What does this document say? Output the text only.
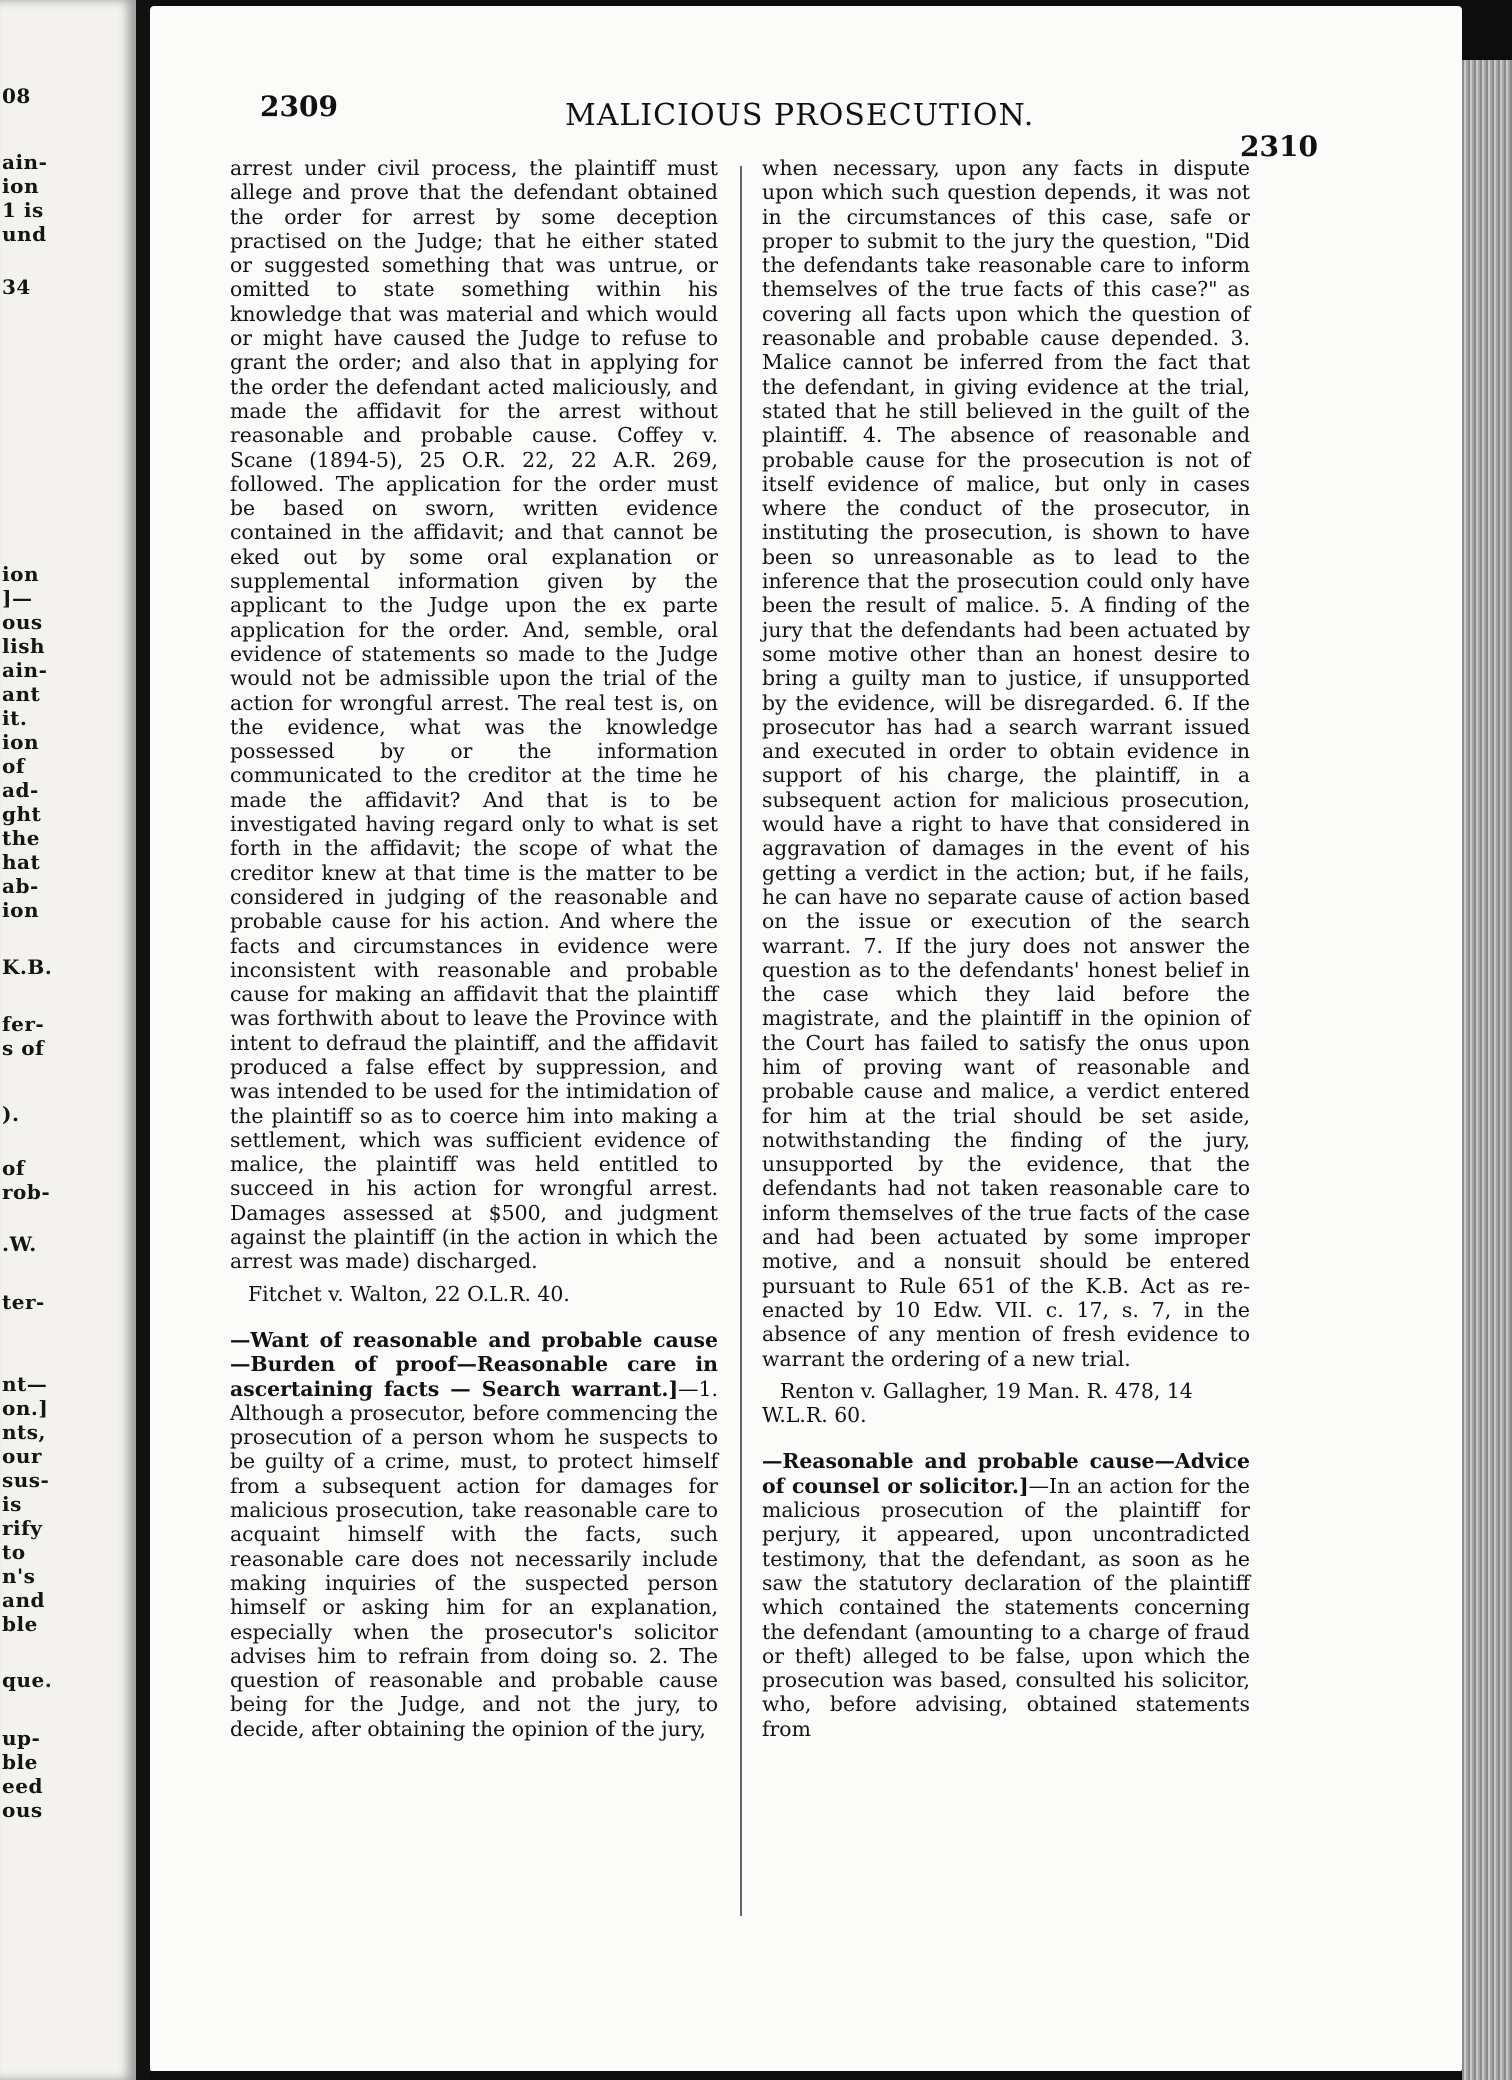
08
ain-
ion
1 is
und
34
ion
]—
ous
lish
ain-
ant
it.
ion
of
ad-
ght
the
hat
ab-
ion
K.B.
fer-
s of
).
of
rob-
.W.
ter-
nt—
on.]
nts,
our
sus-
is
rify
to
n's
and
ble
que.
up-
ble
eed
ous
2309	MALICIOUS PROSECUTION.
2310

arrest under civil process, the plaintiff must allege and prove that the defendant obtained the order for arrest by some deception practised on the Judge; that he either stated or suggested something that was untrue, or omitted to state something within his knowledge that was material and which would or might have caused the Judge to refuse to grant the order; and also that in applying for the order the defendant acted maliciously, and made the affidavit for the arrest without reasonable and probable cause. Coffey v. Scane (1894-5), 25 O.R. 22, 22 A.R. 269, followed. The application for the order must be based on sworn, written evidence contained in the affidavit; and that cannot be eked out by some oral explanation or supplemental information given by the applicant to the Judge upon the ex parte application for the order. And, semble, oral evidence of statements so made to the Judge would not be admissible upon the trial of the action for wrongful arrest. The real test is, on the evidence, what was the knowledge possessed by or the information communicated to the creditor at the time he made the affidavit? And that is to be investigated having regard only to what is set forth in the affidavit; the scope of what the creditor knew at that time is the matter to be considered in judging of the reasonable and probable cause for his action. And where the facts and circumstances in evidence were inconsistent with reasonable and probable cause for making an affidavit that the plaintiff was forthwith about to leave the Province with intent to defraud the plaintiff, and the affidavit produced a false effect by suppression, and was intended to be used for the intimidation of the plaintiff so as to coerce him into making a settlement, which was sufficient evidence of malice, the plaintiff was held entitled to succeed in his action for wrongful arrest. Damages assessed at $500, and judgment against the plaintiff (in the action in which the arrest was made) discharged.

Fitchet v. Walton, 22 O.L.R. 40.

—Want of reasonable and probable cause —Burden of proof—Reasonable care in ascertaining facts — Search warrant.]—1. Although a prosecutor, before commencing the prosecution of a person whom he suspects to be guilty of a crime, must, to protect himself from a subsequent action for damages for malicious prosecution, take reasonable care to acquaint himself with the facts, such reasonable care does not necessarily include making inquiries of the suspected person himself or asking him for an explanation, especially when the prosecutor's solicitor advises him to refrain from doing so. 2. The question of reasonable and probable cause being for the Judge, and not the jury, to decide, after obtaining the opinion of the jury,

when necessary, upon any facts in dispute upon which such question depends, it was not in the circumstances of this case, safe or proper to submit to the jury the question, "Did the defendants take reasonable care to inform themselves of the true facts of this case?" as covering all facts upon which the question of reasonable and probable cause depended. 3. Malice cannot be inferred from the fact that the defendant, in giving evidence at the trial, stated that he still believed in the guilt of the plaintiff. 4. The absence of reasonable and probable cause for the prosecution is not of itself evidence of malice, but only in cases where the conduct of the prosecutor, in instituting the prosecution, is shown to have been so unreasonable as to lead to the inference that the prosecution could only have been the result of malice. 5. A finding of the jury that the defendants had been actuated by some motive other than an honest desire to bring a guilty man to justice, if unsupported by the evidence, will be disregarded. 6. If the prosecutor has had a search warrant issued and executed in order to obtain evidence in support of his charge, the plaintiff, in a subsequent action for malicious prosecution, would have a right to have that considered in aggravation of damages in the event of his getting a verdict in the action; but, if he fails, he can have no separate cause of action based on the issue or execution of the search warrant. 7. If the jury does not answer the question as to the defendants' honest belief in the case which they laid before the magistrate, and the plaintiff in the opinion of the Court has failed to satisfy the onus upon him of proving want of reasonable and probable cause and malice, a verdict entered for him at the trial should be set aside, notwithstanding the finding of the jury, unsupported by the evidence, that the defendants had not taken reasonable care to inform themselves of the true facts of the case and had been actuated by some improper motive, and a nonsuit should be entered pursuant to Rule 651 of the K.B. Act as re-enacted by 10 Edw. VII. c. 17, s. 7, in the absence of any mention of fresh evidence to warrant the ordering of a new trial.

Renton v. Gallagher, 19 Man. R. 478, 14 W.L.R. 60.

—Reasonable and probable cause—Advice of counsel or solicitor.]—In an action for the malicious prosecution of the plaintiff for perjury, it appeared, upon uncontradicted testimony, that the defendant, as soon as he saw the statutory declaration of the plaintiff which contained the statements concerning the defendant (amounting to a charge of fraud or theft) alleged to be false, upon which the prosecution was based, consulted his solicitor, who, before advising, obtained statements from
